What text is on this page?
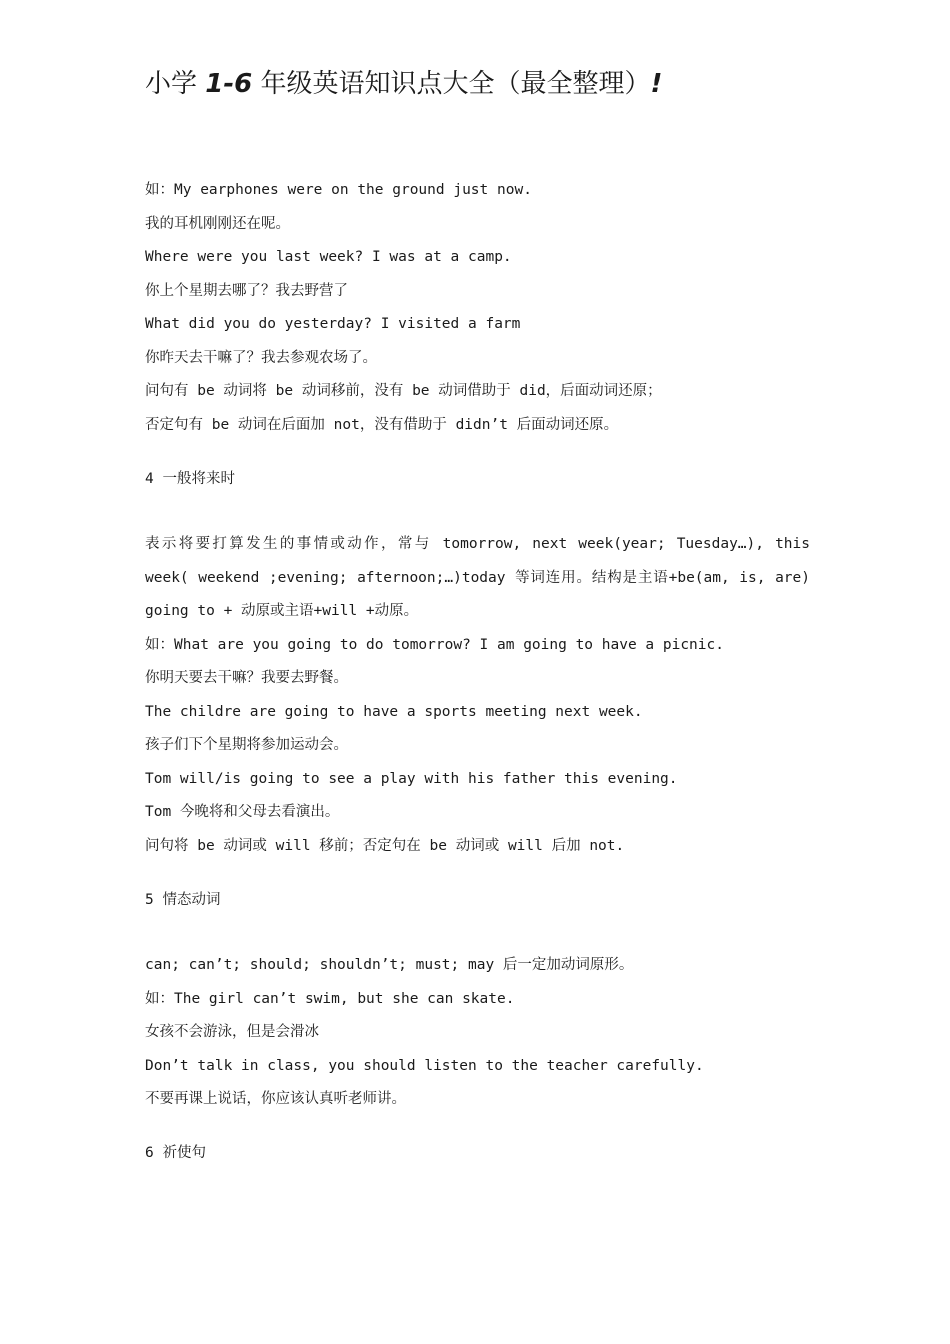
小学 1-6 年级英语知识点大全（最全整理）!
如：My earphones were on the ground just now.
我的耳机刚刚还在呢。
Where were you last week? I was at a camp.
你上个星期去哪了？我去野营了
What did you do yesterday? I visited a farm
你昨天去干嘛了？我去参观农场了。
问句有 be 动词将 be 动词移前，没有 be 动词借助于 did，后面动词还原；
否定句有 be 动词在后面加 not，没有借助于 didn’t 后面动词还原。
4 一般将来时
表示将要打算发生的事情或动作，常与 tomorrow, next week(year; Tuesday…), this week( weekend ;evening; afternoon;…)today 等词连用。结构是主语+be(am, is, are) going to + 动原或主语+will +动原。
如：What are you going to do tomorrow? I am going to have a picnic.
你明天要去干嘛？我要去野餐。
The childre are going to have a sports meeting next week.
孩子们下个星期将参加运动会。
Tom will/is going to see a play with his father this evening.
Tom 今晚将和父母去看演出。
问句将 be 动词或 will 移前；否定句在 be 动词或 will 后加 not.
5 情态动词
can; can’t; should; shouldn’t; must; may 后一定加动词原形。
如：The girl can’t swim, but she can skate.
女孩不会游泳，但是会滑冰
Don’t talk in class, you should listen to the teacher carefully.
不要再课上说话，你应该认真听老师讲。
6 祈使句
